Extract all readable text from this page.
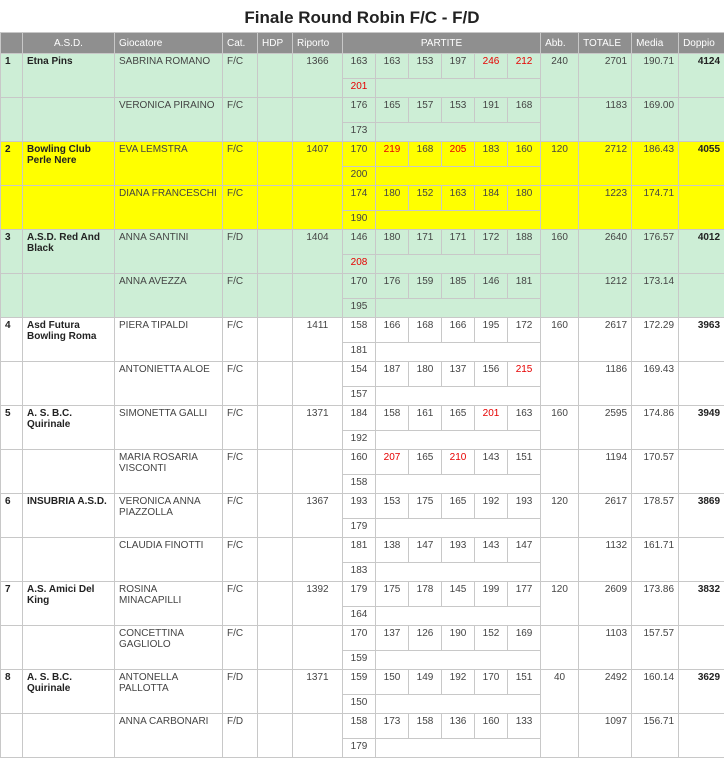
Finale Round Robin F/C - F/D
	A.S.D.	Giocatore	Cat.	HDP	Riporto	PARTITE						Abb.	TOTALE	Media	Doppio
1	Etna Pins	SABRINA ROMANO	F/C		1366	163	163	153	197	246	212	240	2701	190.71	4124
						201									
		VERONICA PIRAINO	F/C			176	165	157	153	191	168		1183	169.00	
						173									
2	Bowling Club Perle Nere	EVA LEMSTRA	F/C		1407	170	219	168	205	183	160	120	2712	186.43	4055
						200									
		DIANA FRANCESCHI	F/C			174	180	152	163	184	180		1223	174.71	
						190									
3	A.S.D. Red And Black	ANNA SANTINI	F/D		1404	146	180	171	171	172	188	160	2640	176.57	4012
						208									
		ANNA AVEZZA	F/C			170	176	159	185	146	181		1212	173.14	
						195									
4	Asd Futura Bowling Roma	PIERA TIPALDI	F/C		1411	158	166	168	166	195	172	160	2617	172.29	3963
						181									
		ANTONIETTA ALOE	F/C			154	187	180	137	156	215		1186	169.43	
						157									
5	A. S. B.C. Quirinale	SIMONETTA GALLI	F/C		1371	184	158	161	165	201	163	160	2595	174.86	3949
						192									
		MARIA ROSARIA VISCONTI	F/C			160	207	165	210	143	151		1194	170.57	
						158									
6	INSUBRIA A.S.D.	VERONICA ANNA PIAZZOLLA	F/C		1367	193	153	175	165	192	193	120	2617	178.57	3869
						179									
		CLAUDIA FINOTTI	F/C			181	138	147	193	143	147		1132	161.71	
						183									
7	A.S. Amici Del King	ROSINA MINACAPILLI	F/C		1392	179	175	178	145	199	177	120	2609	173.86	3832
						164									
		CONCETTINA GAGLIOLO	F/C			170	137	126	190	152	169		1103	157.57	
						159									
8	A. S. B.C. Quirinale	ANTONELLA PALLOTTA	F/D		1371	159	150	149	192	170	151	40	2492	160.14	3629
						150									
		ANNA CARBONARI	F/D			158	173	158	136	160	133		1097	156.71	
						179									
